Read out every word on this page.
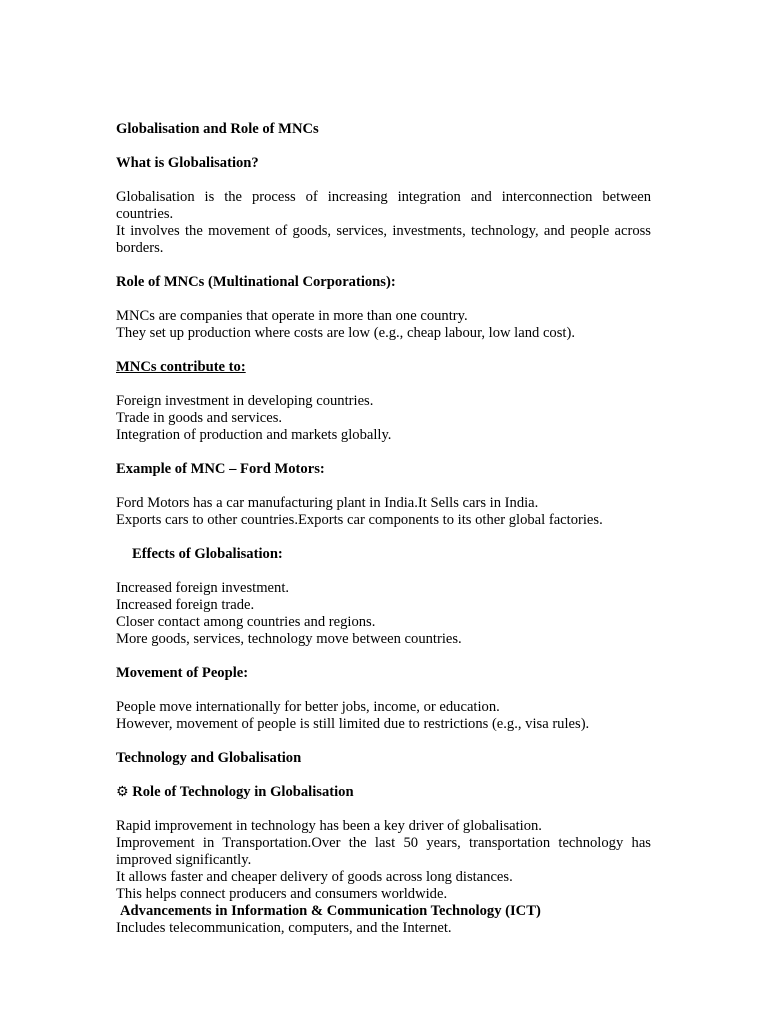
Globalisation and Role of MNCs

What is Globalisation?

Globalisation is the process of increasing integration and interconnection between countries.

It involves the movement of goods, services, investments, technology, and people across borders.

Role of MNCs (Multinational Corporations):

MNCs are companies that operate in more than one country.

They set up production where costs are low (e.g., cheap labour, low land cost).

MNCs contribute to:

Foreign investment in developing countries.

Trade in goods and services.

Integration of production and markets globally.

Example of MNC – Ford Motors:

Ford Motors has a car manufacturing plant in India.It Sells cars in India.

Exports cars to other countries.Exports car components to its other global factories.

Effects of Globalisation:

Increased foreign investment.

Increased foreign trade.

Closer contact among countries and regions.

More goods, services, technology move between countries.

Movement of People:

People move internationally for better jobs, income, or education.

However, movement of people is still limited due to restrictions (e.g., visa rules).

Technology and Globalisation

⚙ Role of Technology in Globalisation

Rapid improvement in technology has been a key driver of globalisation.

Improvement in Transportation.Over the last 50 years, transportation technology has improved significantly.

It allows faster and cheaper delivery of goods across long distances.

This helps connect producers and consumers worldwide.

Advancements in Information & Communication Technology (ICT)

Includes telecommunication, computers, and the Internet.
